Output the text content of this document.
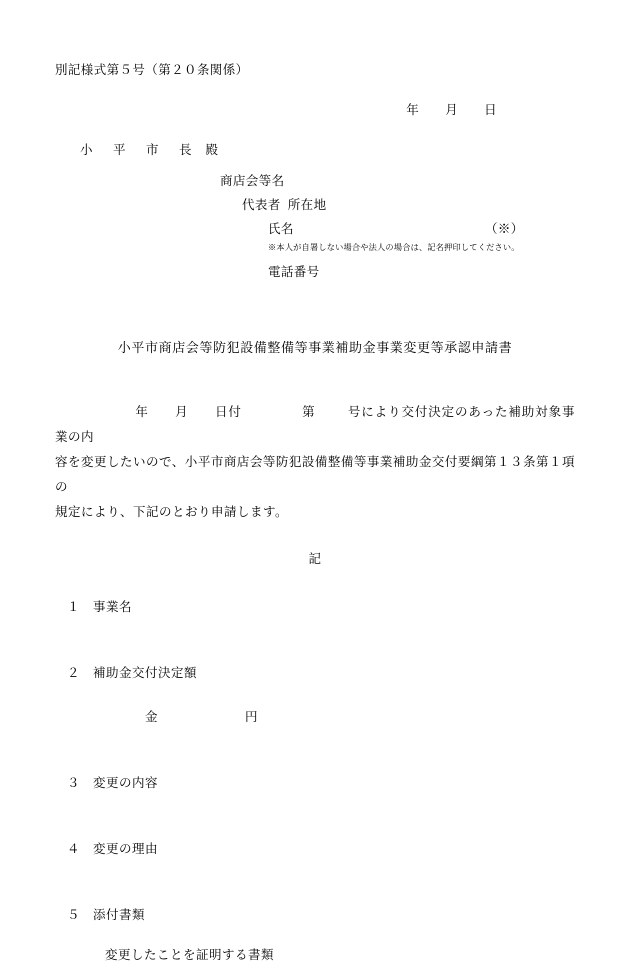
別記様式第５号（第２０条関係）
年 月 日
小　平　市　長 殿
商店会等名
代表者 所在地
氏名	（※）
※本人が自署しない場合や法人の場合は、記名押印してください。
電話番号
小平市商店会等防犯設備整備等事業補助金事業変更等承認申請書
年 月 日付	第	号により交付決定のあった補助対象事業の内
容を変更したいので、小平市商店会等防犯設備整備等事業補助金交付要綱第１３条第１項の
規定により、下記のとおり申請します。
記
１ 事業名
２ 補助金交付決定額
金	円
３ 変更の内容
４ 変更の理由
５ 添付書類
変更したことを証明する書類
